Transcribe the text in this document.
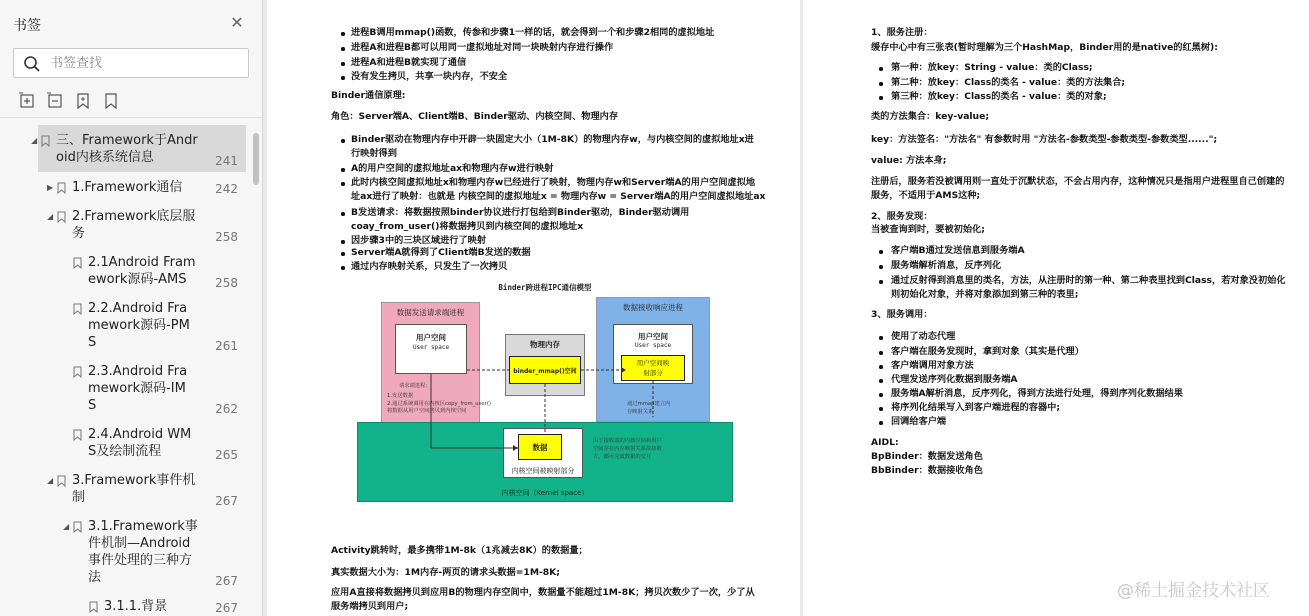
书签	✕
书签查找
◢ 三、Framework于Andr
oid内核系统信息	241
▶ 1.Framework通信	242
◢ 2.Framework底层服
务	258
2.1Android Fram
ework源码-AMS	258
2.2.Android Fra
mework源码-PM
S	261
2.3.Android Fra
mework源码-IM
S	262
2.4.Android WM
S及绘制流程	265
◢ 3.Framework事件机
制	267
◢ 3.1.Framework事
件机制—Android
事件处理的三种方
法	267
3.1.1.背景	267
进程B调用mmap()函数，传参和步骤1一样的话，就会得到一个和步骤2相同的虚拟地址
进程A和进程B都可以用同一虚拟地址对同一块映射内存进行操作
进程A和进程B就实现了通信
没有发生拷贝，共享一块内存，不安全
Binder通信原理:
角色：Server端A、Client端B、Binder驱动、内核空间、物理内存
Binder驱动在物理内存中开辟一块固定大小（1M-8K）的物理内存w，与内核空间的虚拟地址x进
行映射得到
A的用户空间的虚拟地址ax和物理内存w进行映射
此时内核空间虚拟地址x和物理内存w已经进行了映射，物理内存w和Server端A的用户空间虚拟地
址ax进行了映射：也就是 内核空间的虚拟地址x = 物理内存w = Server端A的用户空间虚拟地址ax
B发送请求：将数据按照binder协议进行打包给到Binder驱动，Binder驱动调用
coay_from_user()将数据拷贝到内核空间的虚拟地址x
因步骤3中的三块区域进行了映射
Server端A就得到了Client端B发送的数据
通过内存映射关系，只发生了一次拷贝
Binder跨进程IPC通信模型
数据发送请求端进程
用户空间
User space
请求端进程:
1.发送数据
2.通过系统调用在内核区copy_from_user()
将数据从用户空间拷贝到内核空间
物理内存
binder_mmap()空间
数据接收响应进程
用户空间
User space
用户空间映
射部分
通过mmap建立内
存映射关系
数据
内核空间被映射部分
由于接收端的内核空间和用户
空间存在内存映射关系故接收
方，都可完成数据的交互
内核空间（Kernel space）
Activity跳转时，最多携带1M-8k（1兆减去8K）的数据量；
真实数据大小为：1M内存-两页的请求头数据=1M-8K;
应用A直接将数据拷贝到应用B的物理内存空间中，数据量不能超过1M-8K；拷贝次数少了一次，少了从
服务端拷贝到用户;
1、服务注册：
缓存中心中有三张表(暂时理解为三个HashMap，Binder用的是native的红黑树):
第一种：放key：String - value：类的Class;
第二种：放key：Class的类名 - value：类的方法集合;
第三种：放key：Class的类名 - value：类的对象;
类的方法集合：key-value;
key：方法签名："方法名" 有参数时用 "方法名-参数类型-参数类型-参数类型......";
value: 方法本身;
注册后，服务若没被调用则一直处于沉默状态，不会占用内存，这种情况只是指用户进程里自己创建的
服务，不适用于AMS这种;
2、服务发现：
当被查询到时，要被初始化;
客户端B通过发送信息到服务端A
服务端解析消息，反序列化
通过反射得到消息里的类名，方法，从注册时的第一种、第二种表里找到Class，若对象没初始化
则初始化对象，并将对象添加到第三种的表里;
3、服务调用：
使用了动态代理
客户端在服务发现时，拿到对象（其实是代理）
客户端调用对象方法
代理发送序列化数据到服务端A
服务端A解析消息，反序列化，得到方法进行处理，得到序列化数据结果
将序列化结果写入到客户端进程的容器中;
回调给客户端
AIDL:
BpBinder：数据发送角色
BbBinder：数据接收角色
@稀土掘金技术社区
